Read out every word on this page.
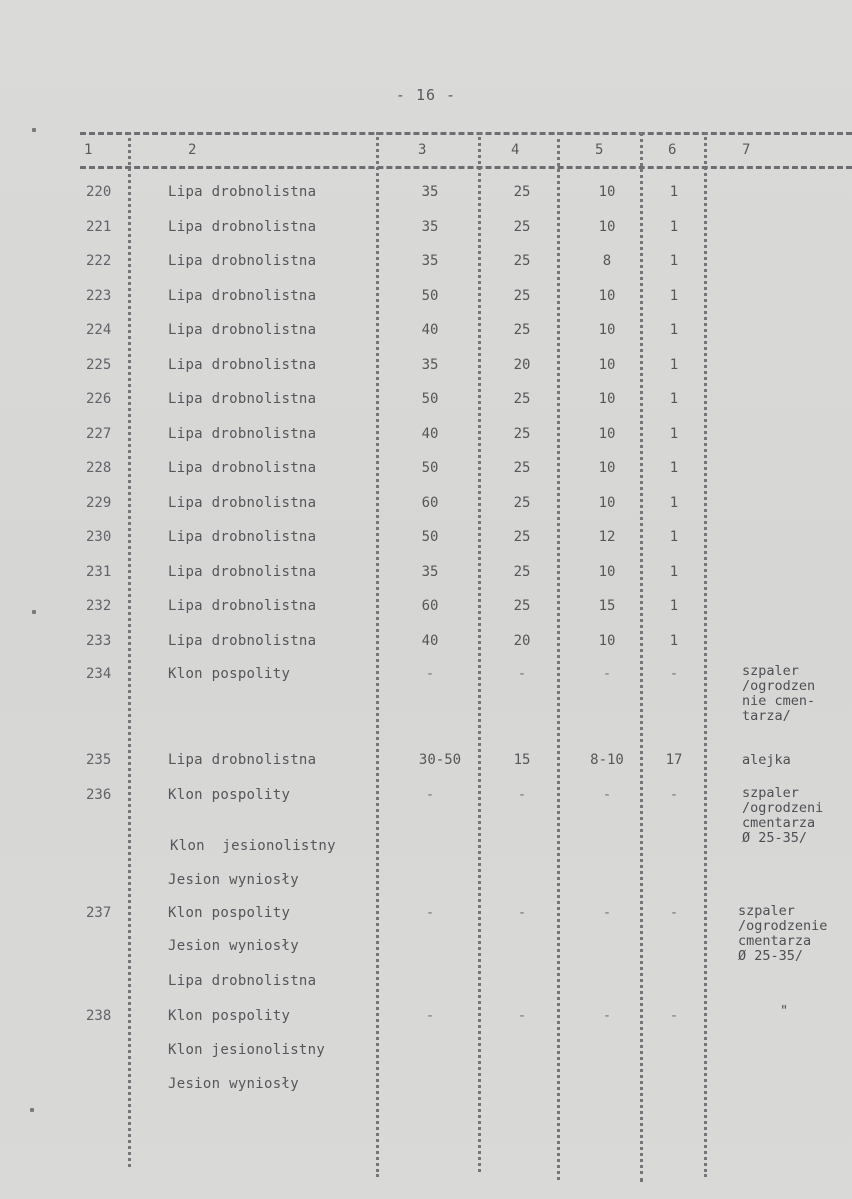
- 16 -
1	2	3	4	5	6	7
220	Lipa drobnolistna	35	25	10	1
221	Lipa drobnolistna	35	25	10	1
222	Lipa drobnolistna	35	25	8	1
223	Lipa drobnolistna	50	25	10	1
224	Lipa drobnolistna	40	25	10	1
225	Lipa drobnolistna	35	20	10	1
226	Lipa drobnolistna	50	25	10	1
227	Lipa drobnolistna	40	25	10	1
228	Lipa drobnolistna	50	25	10	1
229	Lipa drobnolistna	60	25	10	1
230	Lipa drobnolistna	50	25	12	1
231	Lipa drobnolistna	35	25	10	1
232	Lipa drobnolistna	60	25	15	1
233	Lipa drobnolistna	40	20	10	1
234	Klon pospolity	-	-	-	-	szpaler
/ogrodzen
nie cmen-
tarza/
235	Lipa drobnolistna	30-50	15	8-10	17	alejka
236	Klon pospolity	-	-	-	-	szpaler
/ogrodzeni
cmentarza
Ø 25-35/
Klon  jesionolistny
Jesion wyniosły
237	Klon pospolity	-	-	-	-	szpaler
/ogrodzenie
cmentarza
Ø 25-35/
Jesion wyniosły
Lipa drobnolistna
238	Klon pospolity	-	-	-	-	"
Klon jesionolistny
Jesion wyniosły
